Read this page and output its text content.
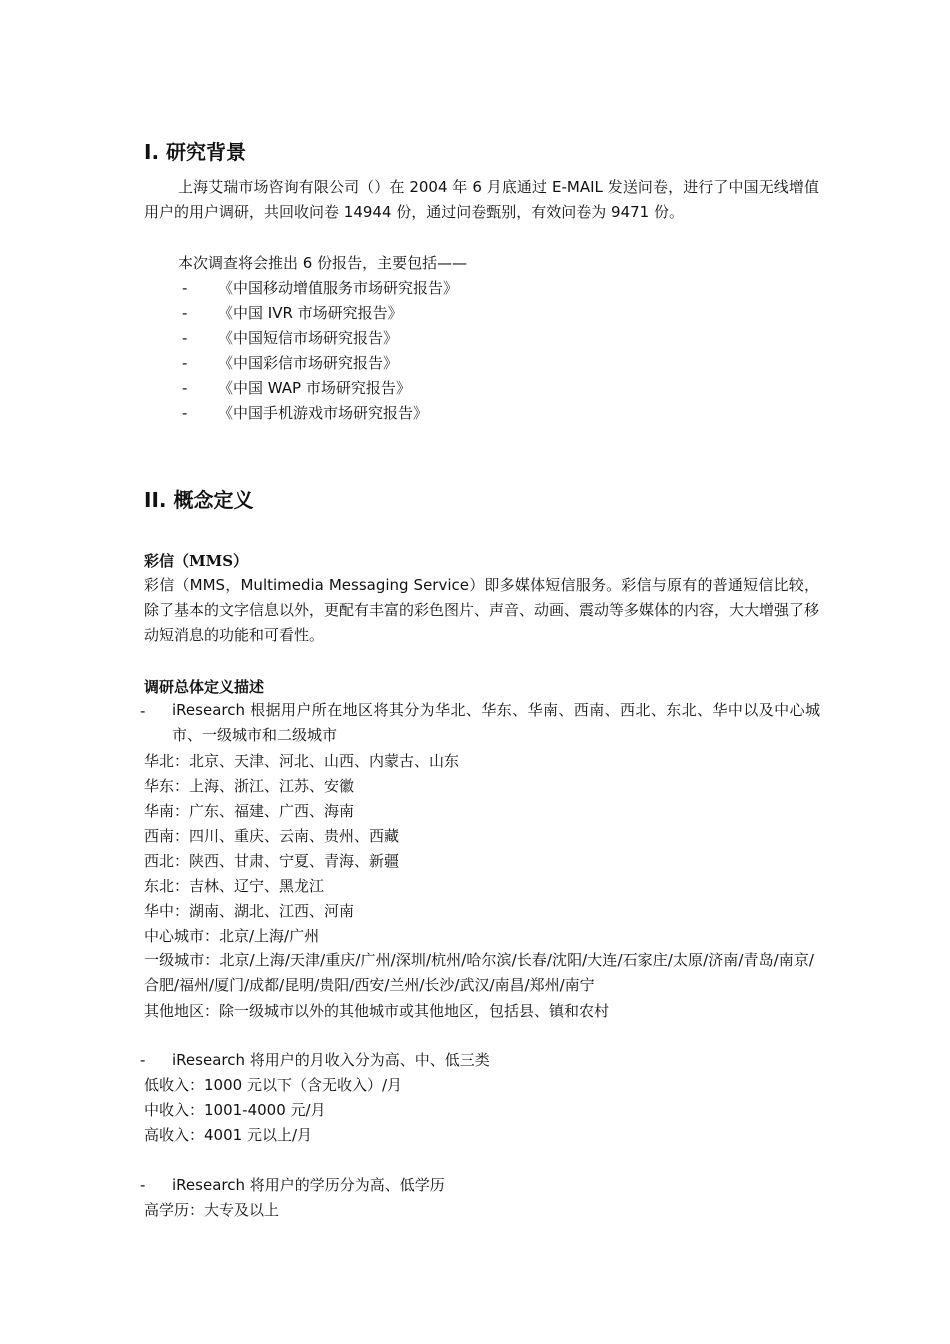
I. 研究背景
上海艾瑞市场咨询有限公司（）在 2004 年 6 月底通过 E-MAIL 发送问卷，进行了中国无线增值用户的用户调研，共回收问卷 14944 份，通过问卷甄别，有效问卷为 9471 份。
本次调查将会推出 6 份报告，主要包括——
- 《中国移动增值服务市场研究报告》
- 《中国 IVR 市场研究报告》
- 《中国短信市场研究报告》
- 《中国彩信市场研究报告》
- 《中国 WAP 市场研究报告》
- 《中国手机游戏市场研究报告》
II. 概念定义
彩信（MMS）
彩信（MMS，Multimedia Messaging Service）即多媒体短信服务。彩信与原有的普通短信比较，除了基本的文字信息以外，更配有丰富的彩色图片、声音、动画、震动等多媒体的内容，大大增强了移动短消息的功能和可看性。
调研总体定义描述
- iResearch 根据用户所在地区将其分为华北、华东、华南、西南、西北、东北、华中以及中心城市、一级城市和二级城市
华北：北京、天津、河北、山西、内蒙古、山东
华东：上海、浙江、江苏、安徽
华南：广东、福建、广西、海南
西南：四川、重庆、云南、贵州、西藏
西北：陕西、甘肃、宁夏、青海、新疆
东北：吉林、辽宁、黑龙江
华中：湖南、湖北、江西、河南
中心城市：北京/上海/广州
一级城市：北京/上海/天津/重庆/广州/深圳/杭州/哈尔滨/长春/沈阳/大连/石家庄/太原/济南/青岛/南京/合肥/福州/厦门/成都/昆明/贵阳/西安/兰州/长沙/武汉/南昌/郑州/南宁
其他地区：除一级城市以外的其他城市或其他地区，包括县、镇和农村
- iResearch 将用户的月收入分为高、中、低三类
低收入：1000 元以下（含无收入）/月
中收入：1001-4000 元/月
高收入：4001 元以上/月
- iResearch 将用户的学历分为高、低学历
高学历：大专及以上
